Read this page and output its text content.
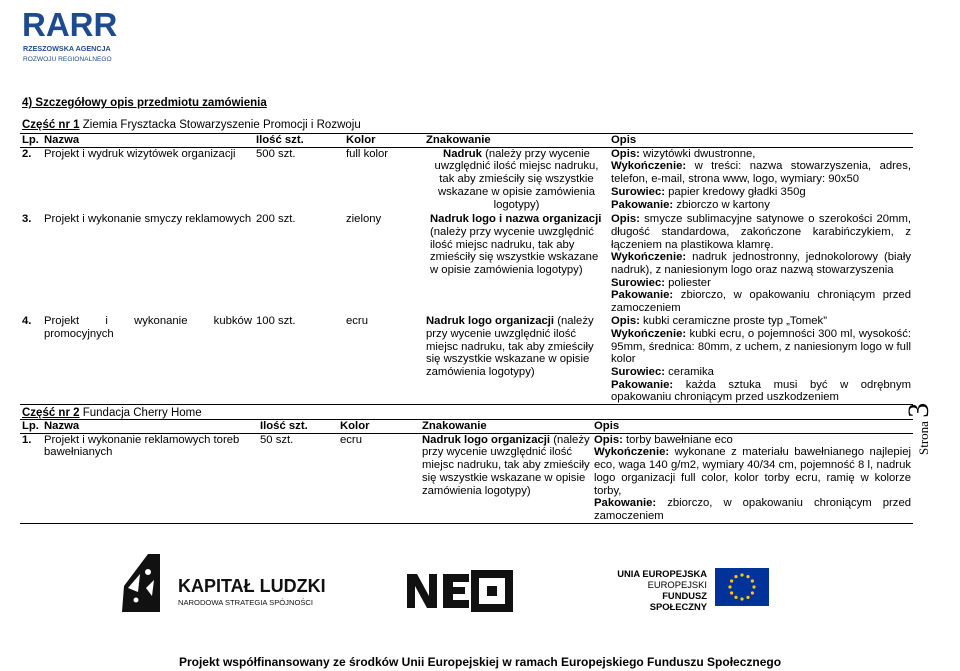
RARR
RZESZOWSKA AGENCJA
ROZWOJU REGIONALNEGO
4) Szczegółowy opis przedmiotu zamówienia
Część nr 1 Ziemia Frysztacka Stowarzyszenie Promocji i Rozwoju
Lp.	Nazwa	Ilość szt.	Kolor	Znakowanie	Opis
2.	Projekt i wydruk wizytówek organizacji	500 szt.	full kolor	Nadruk (należy przy wycenie uwzględnić ilość miejsc nadruku, tak aby zmieściły się wszystkie wskazane w opisie zamówienia logotypy)	Opis: wizytówki dwustronne,
Wykończenie: w treści: nazwa stowarzyszenia, adres, telefon, e-mail, strona www, logo, wymiary: 90x50
Surowiec: papier kredowy gładki 350g
Pakowanie: zbiorczo w kartony
3.	Projekt i wykonanie smyczy reklamowych	200 szt.	zielony	Nadruk logo i nazwa organizacji (należy przy wycenie uwzględnić ilość miejsc nadruku, tak aby zmieściły się wszystkie wskazane w opisie zamówienia logotypy)	Opis: smycze sublimacyjne satynowe o szerokości 20mm, długość standardowa, zakończone karabińczykiem, z łączeniem na plastikowa klamrę.
Wykończenie: nadruk jednostronny, jednokolorowy (biały nadruk), z naniesionym logo oraz nazwą stowarzyszenia
Surowiec: poliester
Pakowanie: zbiorczo, w opakowaniu chroniącym przed zamoczeniem
4.	Projekt i wykonanie kubków promocyjnych	100 szt.	ecru	Nadruk logo organizacji (należy przy wycenie uwzględnić ilość miejsc nadruku, tak aby zmieściły się wszystkie wskazane w opisie zamówienia logotypy)	Opis: kubki ceramiczne proste typ „Tomek”
Wykończenie: kubki ecru, o pojemności 300 ml, wysokość: 95mm, średnica: 80mm, z uchem, z naniesionym logo w full kolor
Surowiec: ceramika
Pakowanie: każda sztuka musi być w odrębnym opakowaniu chroniącym przed uszkodzeniem
Część nr 2 Fundacja Cherry Home
Lp.	Nazwa	Ilość szt.	Kolor	Znakowanie	Opis
1.	Projekt i wykonanie reklamowych toreb bawełnianych	50 szt.	ecru	Nadruk logo organizacji (należy przy wycenie uwzględnić ilość miejsc nadruku, tak aby zmieściły się wszystkie wskazane w opisie zamówienia logotypy)	Opis: torby bawełniane eco
Wykończenie: wykonane z materiału bawełnianego najlepiej eco, waga 140 g/m2, wymiary 40/34 cm, pojemność 8 l, nadruk logo organizacji full color, kolor torby ecru, ramię w kolorze torby,
Pakowanie: zbiorczo, w opakowaniu chroniącym przed zamoczeniem
Strona 3
KAPITAŁ LUDZKI
NARODOWA STRATEGIA SPÓJNOŚCI
NEO	UNIA EUROPEJSKA
EUROPEJSKI
FUNDUSZ SPOŁECZNY
Projekt współfinansowany ze środków Unii Europejskiej w ramach Europejskiego Funduszu Społecznego
